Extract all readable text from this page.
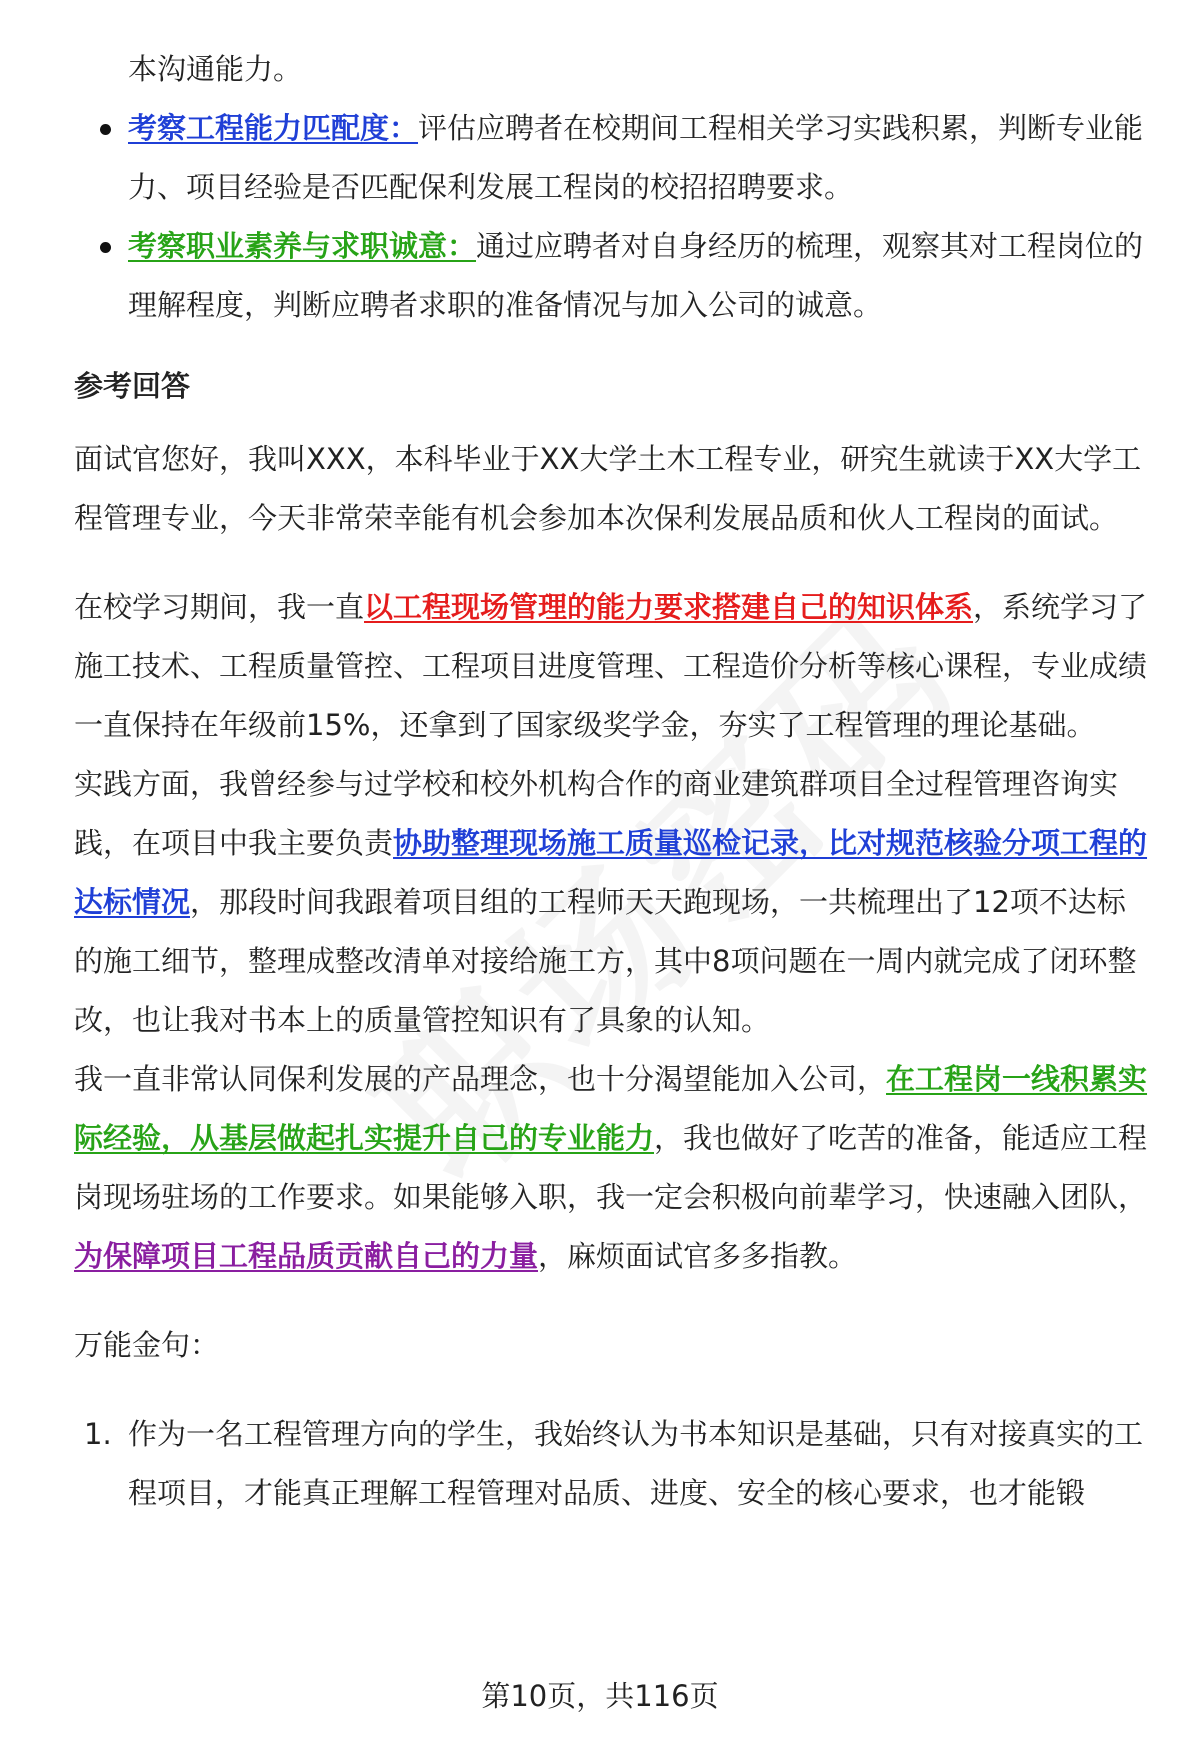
本沟通能力。
考察工程能力匹配度：评估应聘者在校期间工程相关学习实践积累，判断专业能力、项目经验是否匹配保利发展工程岗的校招招聘要求。
考察职业素养与求职诚意：通过应聘者对自身经历的梳理，观察其对工程岗位的理解程度，判断应聘者求职的准备情况与加入公司的诚意。
参考回答

面试官您好，我叫XXX，本科毕业于XX大学土木工程专业，研究生就读于XX大学工程管理专业，今天非常荣幸能有机会参加本次保利发展品质和伙人工程岗的面试。

在校学习期间，我一直以工程现场管理的能力要求搭建自己的知识体系，系统学习了施工技术、工程质量管控、工程项目进度管理、工程造价分析等核心课程，专业成绩一直保持在年级前15%，还拿到了国家级奖学金，夯实了工程管理的理论基础。

实践方面，我曾经参与过学校和校外机构合作的商业建筑群项目全过程管理咨询实践，在项目中我主要负责协助整理现场施工质量巡检记录，比对规范核验分项工程的达标情况，那段时间我跟着项目组的工程师天天跑现场，一共梳理出了12项不达标的施工细节，整理成整改清单对接给施工方，其中8项问题在一周内就完成了闭环整改，也让我对书本上的质量管控知识有了具象的认知。

我一直非常认同保利发展的产品理念，也十分渴望能加入公司，在工程岗一线积累实际经验，从基层做起扎实提升自己的专业能力，我也做好了吃苦的准备，能适应工程岗现场驻场的工作要求。如果能够入职，我一定会积极向前辈学习，快速融入团队，为保障项目工程品质贡献自己的力量，麻烦面试官多多指教。

万能金句：

1. 作为一名工程管理方向的学生，我始终认为书本知识是基础，只有对接真实的工程项目，才能真正理解工程管理对品质、进度、安全的核心要求，也才能锻
第10页，共116页
